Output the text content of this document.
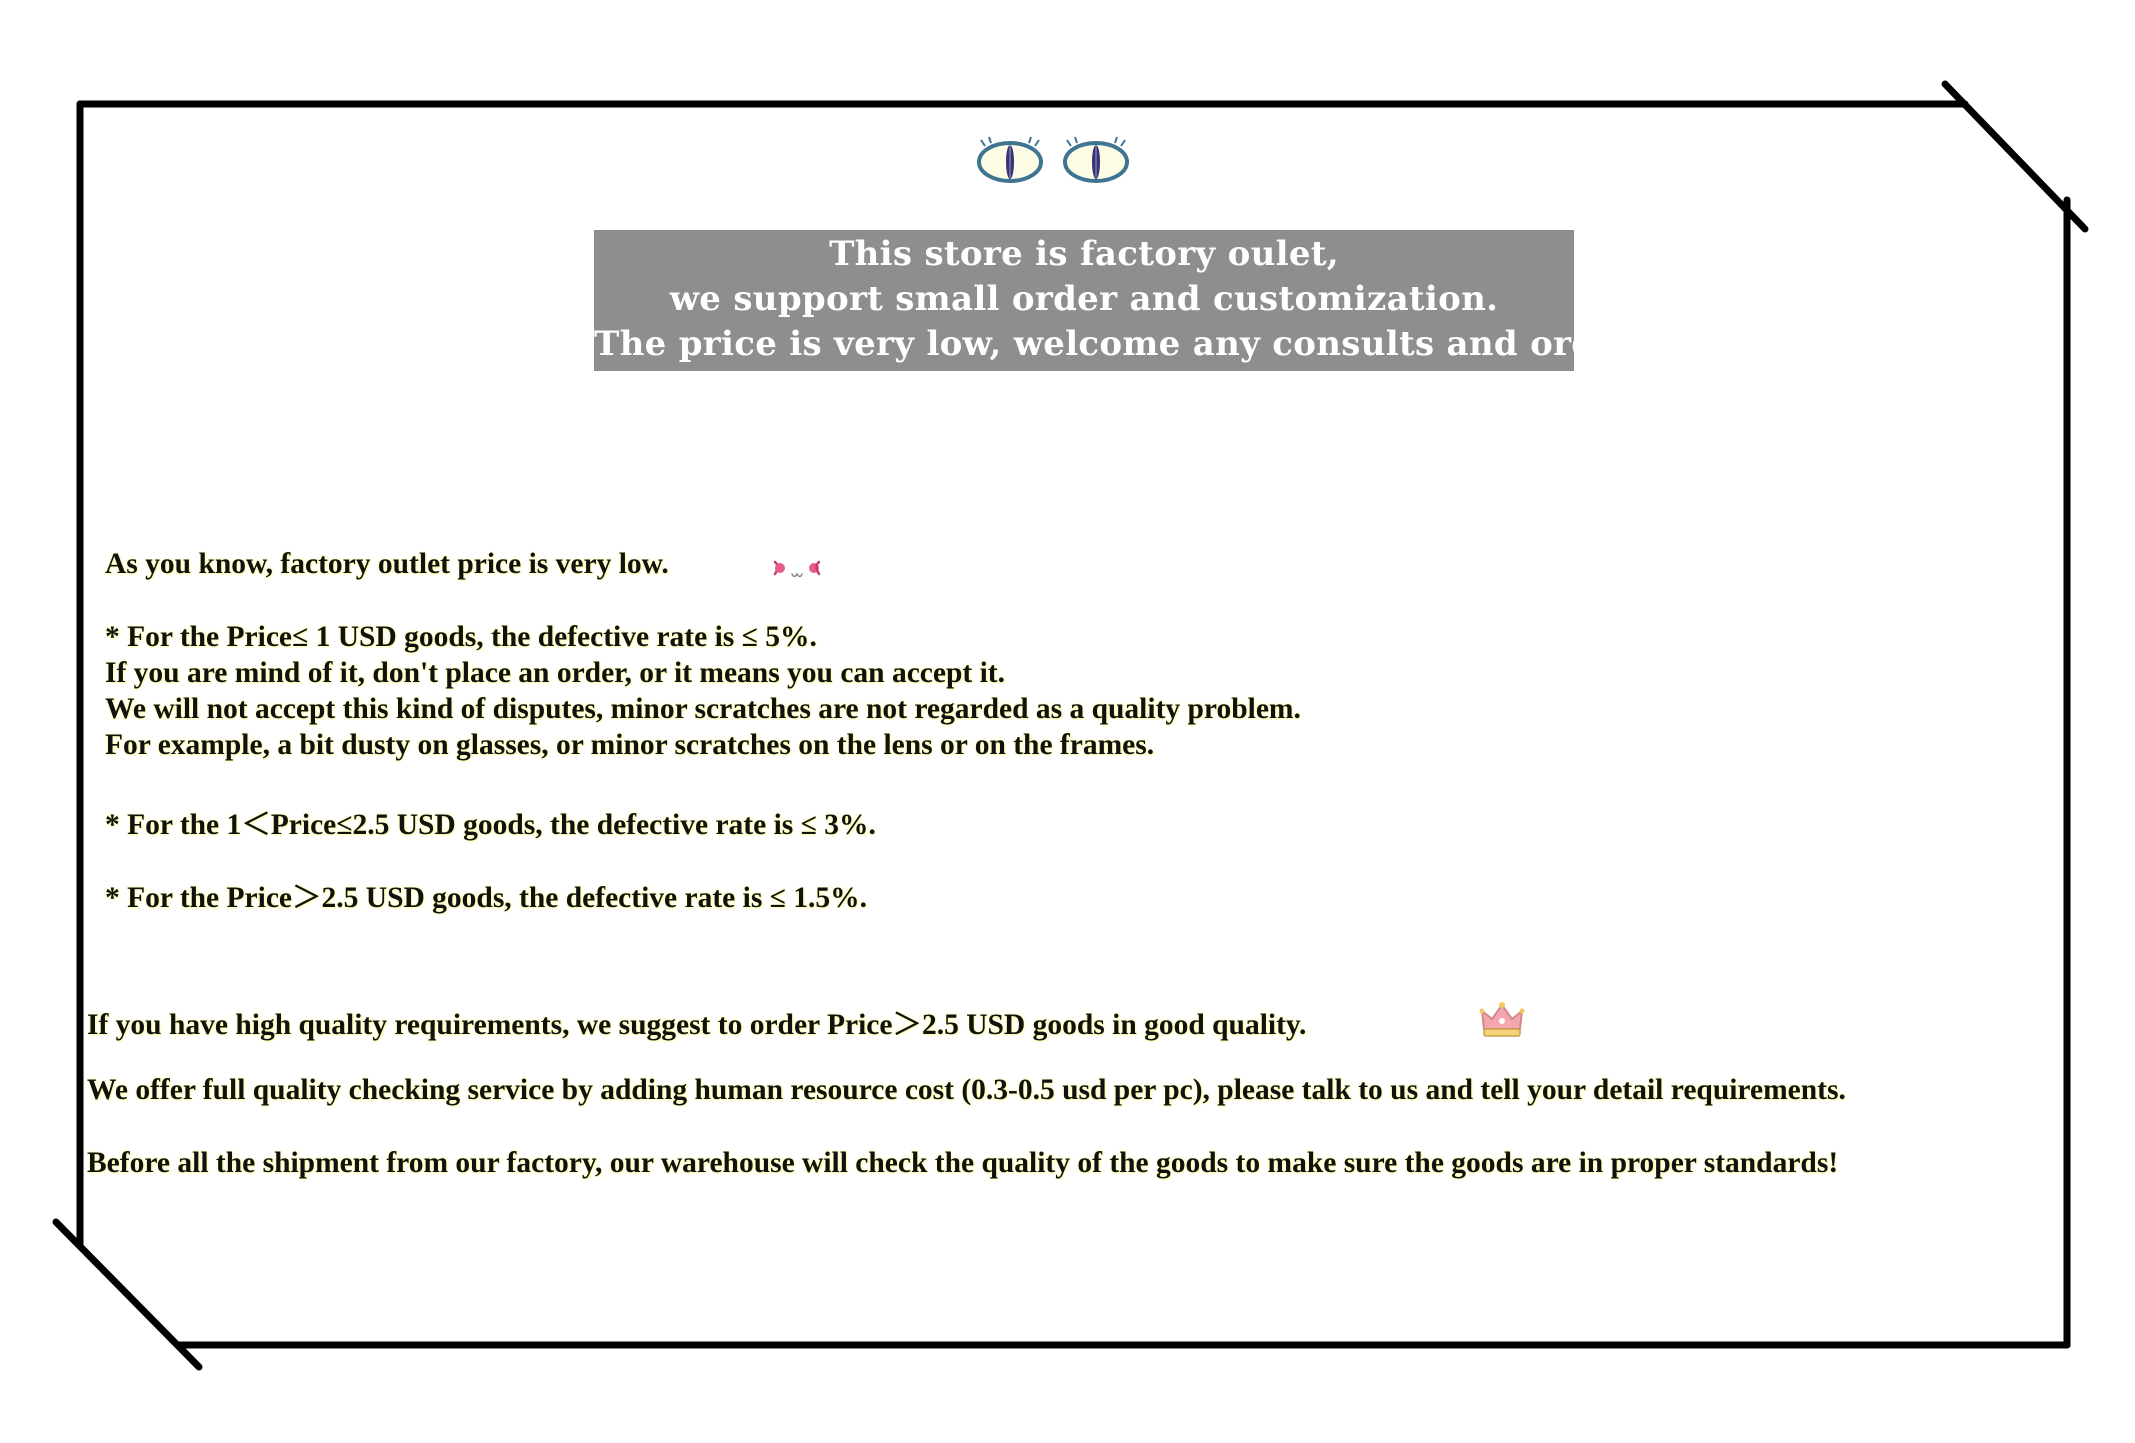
This store is factory oulet,
we support small order and customization.
The price is very low, welcome any consults and orders!
As you know, factory outlet price is very low.
* For the Price≤ 1 USD goods, the defective rate is ≤ 5%.
If you are mind of it, don't place an order, or it means you can accept it.
We will not accept this kind of disputes, minor scratches are not regarded as a quality problem.
For example, a bit dusty on glasses, or minor scratches on the lens or on the frames.
* For the 1＜Price≤2.5 USD goods, the defective rate is ≤ 3%.
* For the Price＞2.5 USD goods, the defective rate is ≤ 1.5%.
If you have high quality requirements, we suggest to order Price＞2.5 USD goods in good quality.
We offer full quality checking service by adding human resource cost (0.3-0.5 usd per pc), please talk to us and tell your detail requirements.
Before all the shipment from our factory, our warehouse will check the quality of the goods to make sure the goods are in proper standards!
